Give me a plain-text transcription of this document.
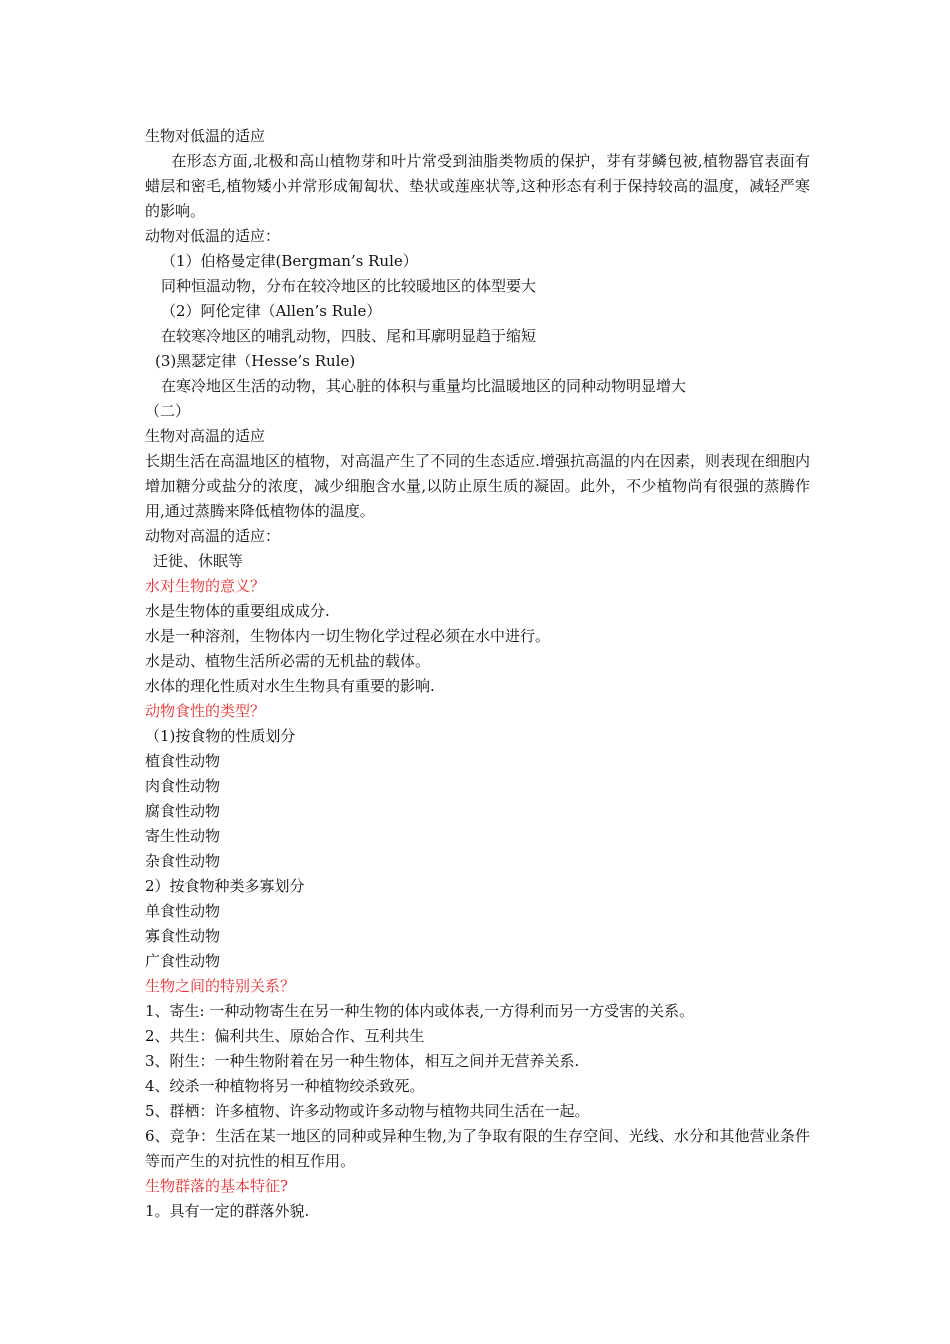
生物对低温的适应

在形态方面,北极和高山植物芽和叶片常受到油脂类物质的保护，芽有芽鳞包被,植物器官表面有蜡层和密毛,植物矮小并常形成匍匐状、垫状或莲座状等,这种形态有利于保持较高的温度，减轻严寒的影响。

动物对低温的适应：
（1）伯格曼定律(Bergman’s Rule）
同种恒温动物，分布在较冷地区的比较暖地区的体型要大
（2）阿伦定律（Allen’s Rule）
在较寒冷地区的哺乳动物，四肢、尾和耳廓明显趋于缩短
(3)黑瑟定律（Hesse’s Rule)
在寒冷地区生活的动物，其心脏的体积与重量均比温暖地区的同种动物明显增大
（二）
生物对高温的适应

长期生活在高温地区的植物，对高温产生了不同的生态适应.增强抗高温的内在因素，则表现在细胞内增加糖分或盐分的浓度，减少细胞含水量,以防止原生质的凝固。此外，不少植物尚有很强的蒸腾作用,通过蒸腾来降低植物体的温度。

动物对高温的适应：
迁徙、休眠等
水对生物的意义？
水是生物体的重要组成成分.
水是一种溶剂，生物体内一切生物化学过程必须在水中进行。
水是动、植物生活所必需的无机盐的载体。
水体的理化性质对水生生物具有重要的影响.
动物食性的类型？
（1)按食物的性质划分
植食性动物
肉食性动物
腐食性动物
寄生性动物
杂食性动物
2）按食物种类多寡划分
单食性动物
寡食性动物
广食性动物
生物之间的特别关系？
1、寄生: 一种动物寄生在另一种生物的体内或体表,一方得利而另一方受害的关系。
2、共生：偏利共生、原始合作、互利共生
3、附生：一种生物附着在另一种生物体，相互之间并无营养关系.
4、绞杀一种植物将另一种植物绞杀致死。
5、群栖：许多植物、许多动物或许多动物与植物共同生活在一起。

6、竞争：生活在某一地区的同种或异种生物,为了争取有限的生存空间、光线、水分和其他营业条件等而产生的对抗性的相互作用。

生物群落的基本特征?
1。具有一定的群落外貌.
